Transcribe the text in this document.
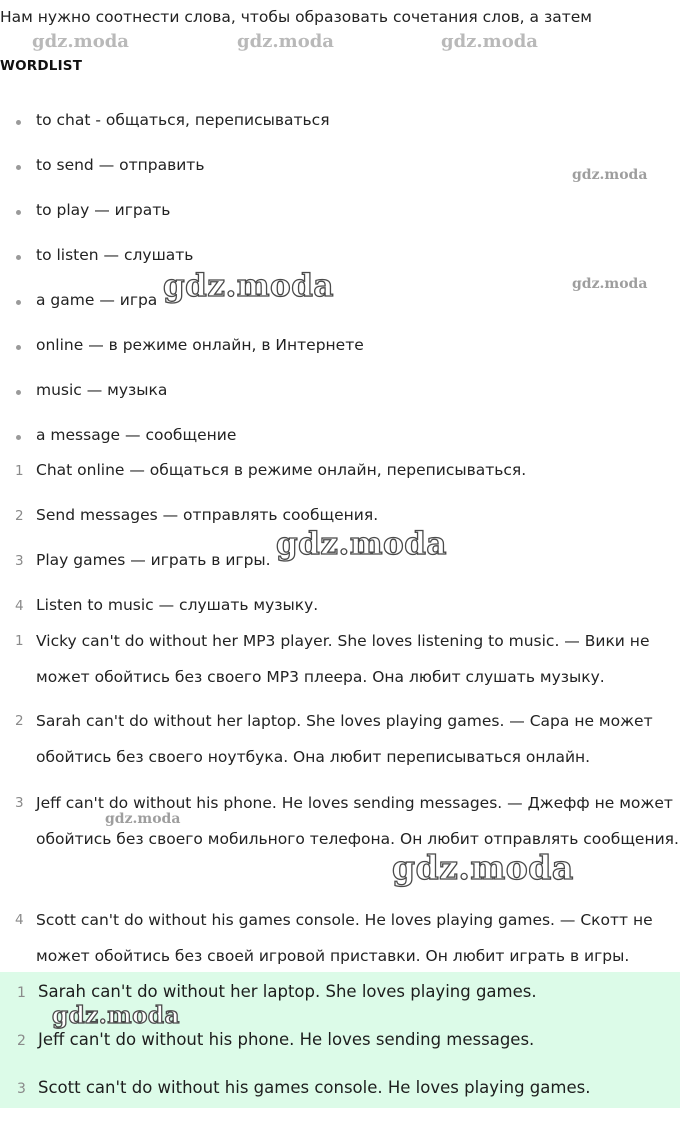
Нам нужно соотнести слова, чтобы образовать сочетания слов, а затем
WORDLIST
to chat - общаться, переписываться
to send — отправить
to play — играть
to listen — слушать
a game — игра
online — в режиме онлайн, в Интернете
music — музыка
a message — сообщение
1 Chat online — общаться в режиме онлайн, переписываться.
2 Send messages — отправлять сообщения.
3 Play games — играть в игры.
4 Listen to music — слушать музыку.
1 Vicky can't do without her MP3 player. She loves listening to music. — Вики не может обойтись без своего MP3 плеера. Она любит слушать музыку.
2 Sarah can't do without her laptop. She loves playing games. — Сара не может обойтись без своего ноутбука. Она любит переписываться онлайн.
3 Jeff can't do without his phone. He loves sending messages. — Джефф не может обойтись без своего мобильного телефона. Он любит отправлять сообщения.
4 Scott can't do without his games console. He loves playing games. — Скотт не может обойтись без своей игровой приставки. Он любит играть в игры.
1 Sarah can't do without her laptop. She loves playing games.
2 Jeff can't do without his phone. He loves sending messages.
3 Scott can't do without his games console. He loves playing games.
gdz.moda	gdz.moda	gdz.moda
gdz.moda
gdz.moda
gdz.moda
gdz.moda
gdz.moda
gdz.moda
gdz.moda
